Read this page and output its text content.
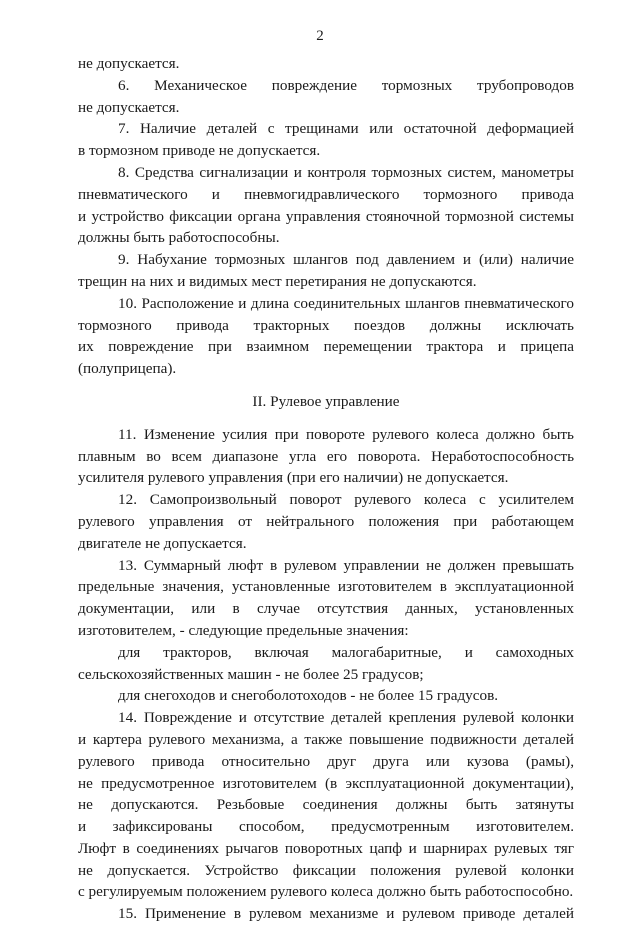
2
не допускается.
6. Механическое повреждение тормозных трубопроводов
не допускается.
7. Наличие деталей с трещинами или остаточной деформацией
в тормозном приводе не допускается.
8. Средства сигнализации и контроля тормозных систем, манометры
пневматического и пневмогидравлического тормозного привода
и устройство фиксации органа управления стояночной тормозной системы
должны быть работоспособны.
9. Набухание тормозных шлангов под давлением и (или) наличие
трещин на них и видимых мест перетирания не допускаются.
10. Расположение и длина соединительных шлангов пневматического
тормозного привода тракторных поездов должны исключать
их повреждение при взаимном перемещении трактора и прицепа
(полуприцепа).
II. Рулевое управление
11. Изменение усилия при повороте рулевого колеса должно быть
плавным во всем диапазоне угла его поворота. Неработоспособность
усилителя рулевого управления (при его наличии) не допускается.
12. Самопроизвольный поворот рулевого колеса с усилителем
рулевого управления от нейтрального положения при работающем
двигателе не допускается.
13. Суммарный люфт в рулевом управлении не должен превышать
предельные значения, установленные изготовителем в эксплуатационной
документации, или в случае отсутствия данных, установленных
изготовителем, - следующие предельные значения:
для тракторов, включая малогабаритные, и самоходных
сельскохозяйственных машин - не более 25 градусов;
для снегоходов и снегоболотоходов - не более 15 градусов.
14. Повреждение и отсутствие деталей крепления рулевой колонки
и картера рулевого механизма, а также повышение подвижности деталей
рулевого привода относительно друг друга или кузова (рамы),
не предусмотренное изготовителем (в эксплуатационной документации),
не допускаются. Резьбовые соединения должны быть затянуты
и зафиксированы способом, предусмотренным изготовителем.
Люфт в соединениях рычагов поворотных цапф и шарнирах рулевых тяг
не допускается. Устройство фиксации положения рулевой колонки
с регулируемым положением рулевого колеса должно быть работоспособно.
15. Применение в рулевом механизме и рулевом приводе деталей
